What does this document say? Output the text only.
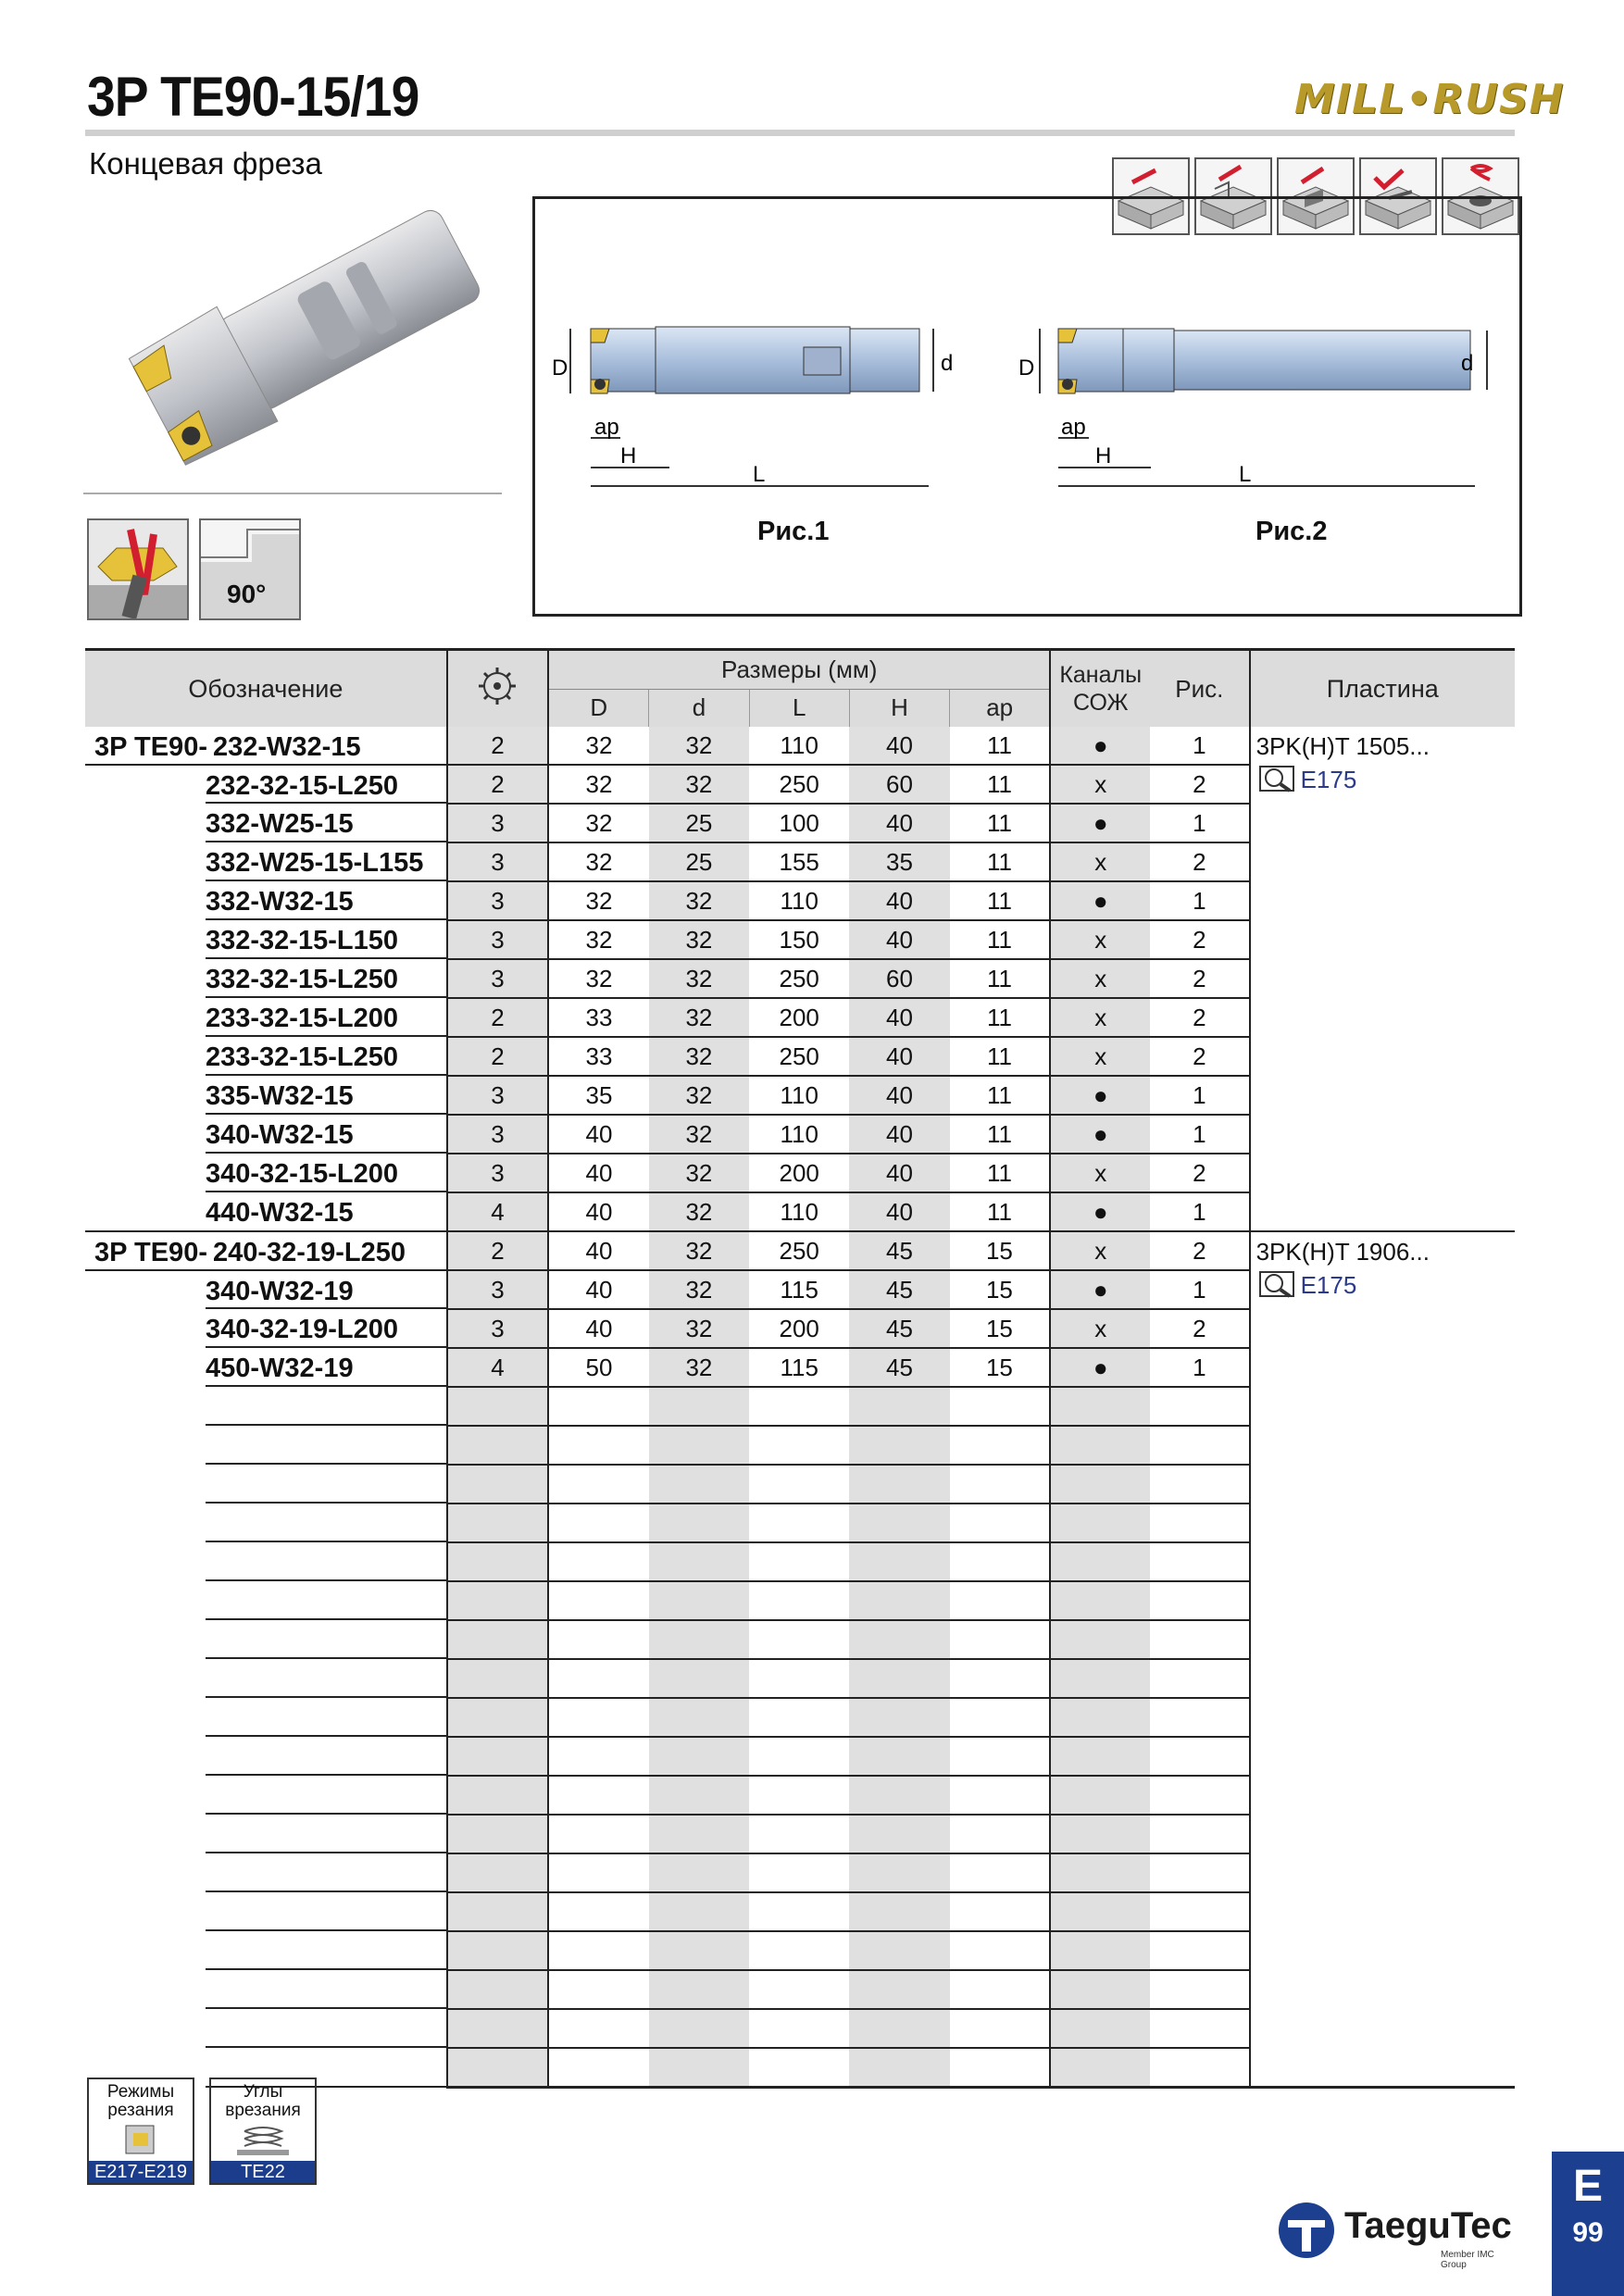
3P TE90-15/19	MILL•RUSH
Концевая фреза
90°
D	d
ap
H
L
D	d
ap
H
L
Рис.1	Рис.2
Обозначение		Размеры (мм)					Каналы СОЖ	Рис.	Пластина
		D	d	L	H	ap			

3P TE90- 232-W32-15	2	32	32	110	40	11	●	1	3PK(H)T 1505...
E175

232-32-15-L250	2	32	32	250	60	11	x	2	

332-W25-15	3	32	25	100	40	11	●	1	

332-W25-15-L155	3	32	25	155	35	11	x	2	

332-W32-15	3	32	32	110	40	11	●	1	

332-32-15-L150	3	32	32	150	40	11	x	2	

332-32-15-L250	3	32	32	250	60	11	x	2	

233-32-15-L200	2	33	32	200	40	11	x	2	

233-32-15-L250	2	33	32	250	40	11	x	2	

335-W32-15	3	35	32	110	40	11	●	1	

340-W32-15	3	40	32	110	40	11	●	1	

340-32-15-L200	3	40	32	200	40	11	x	2	

440-W32-15	4	40	32	110	40	11	●	1	

3P TE90- 240-32-19-L250	2	40	32	250	45	15	x	2	3PK(H)T 1906...
E175

340-W32-19	3	40	32	115	45	15	●	1	

340-32-19-L200	3	40	32	200	45	15	x	2	

450-W32-19	4	50	32	115	45	15	●	1	

Режимы резания
E217-E219
Углы врезания
TE22
TaeguTec
Member IMC Group
E
99
